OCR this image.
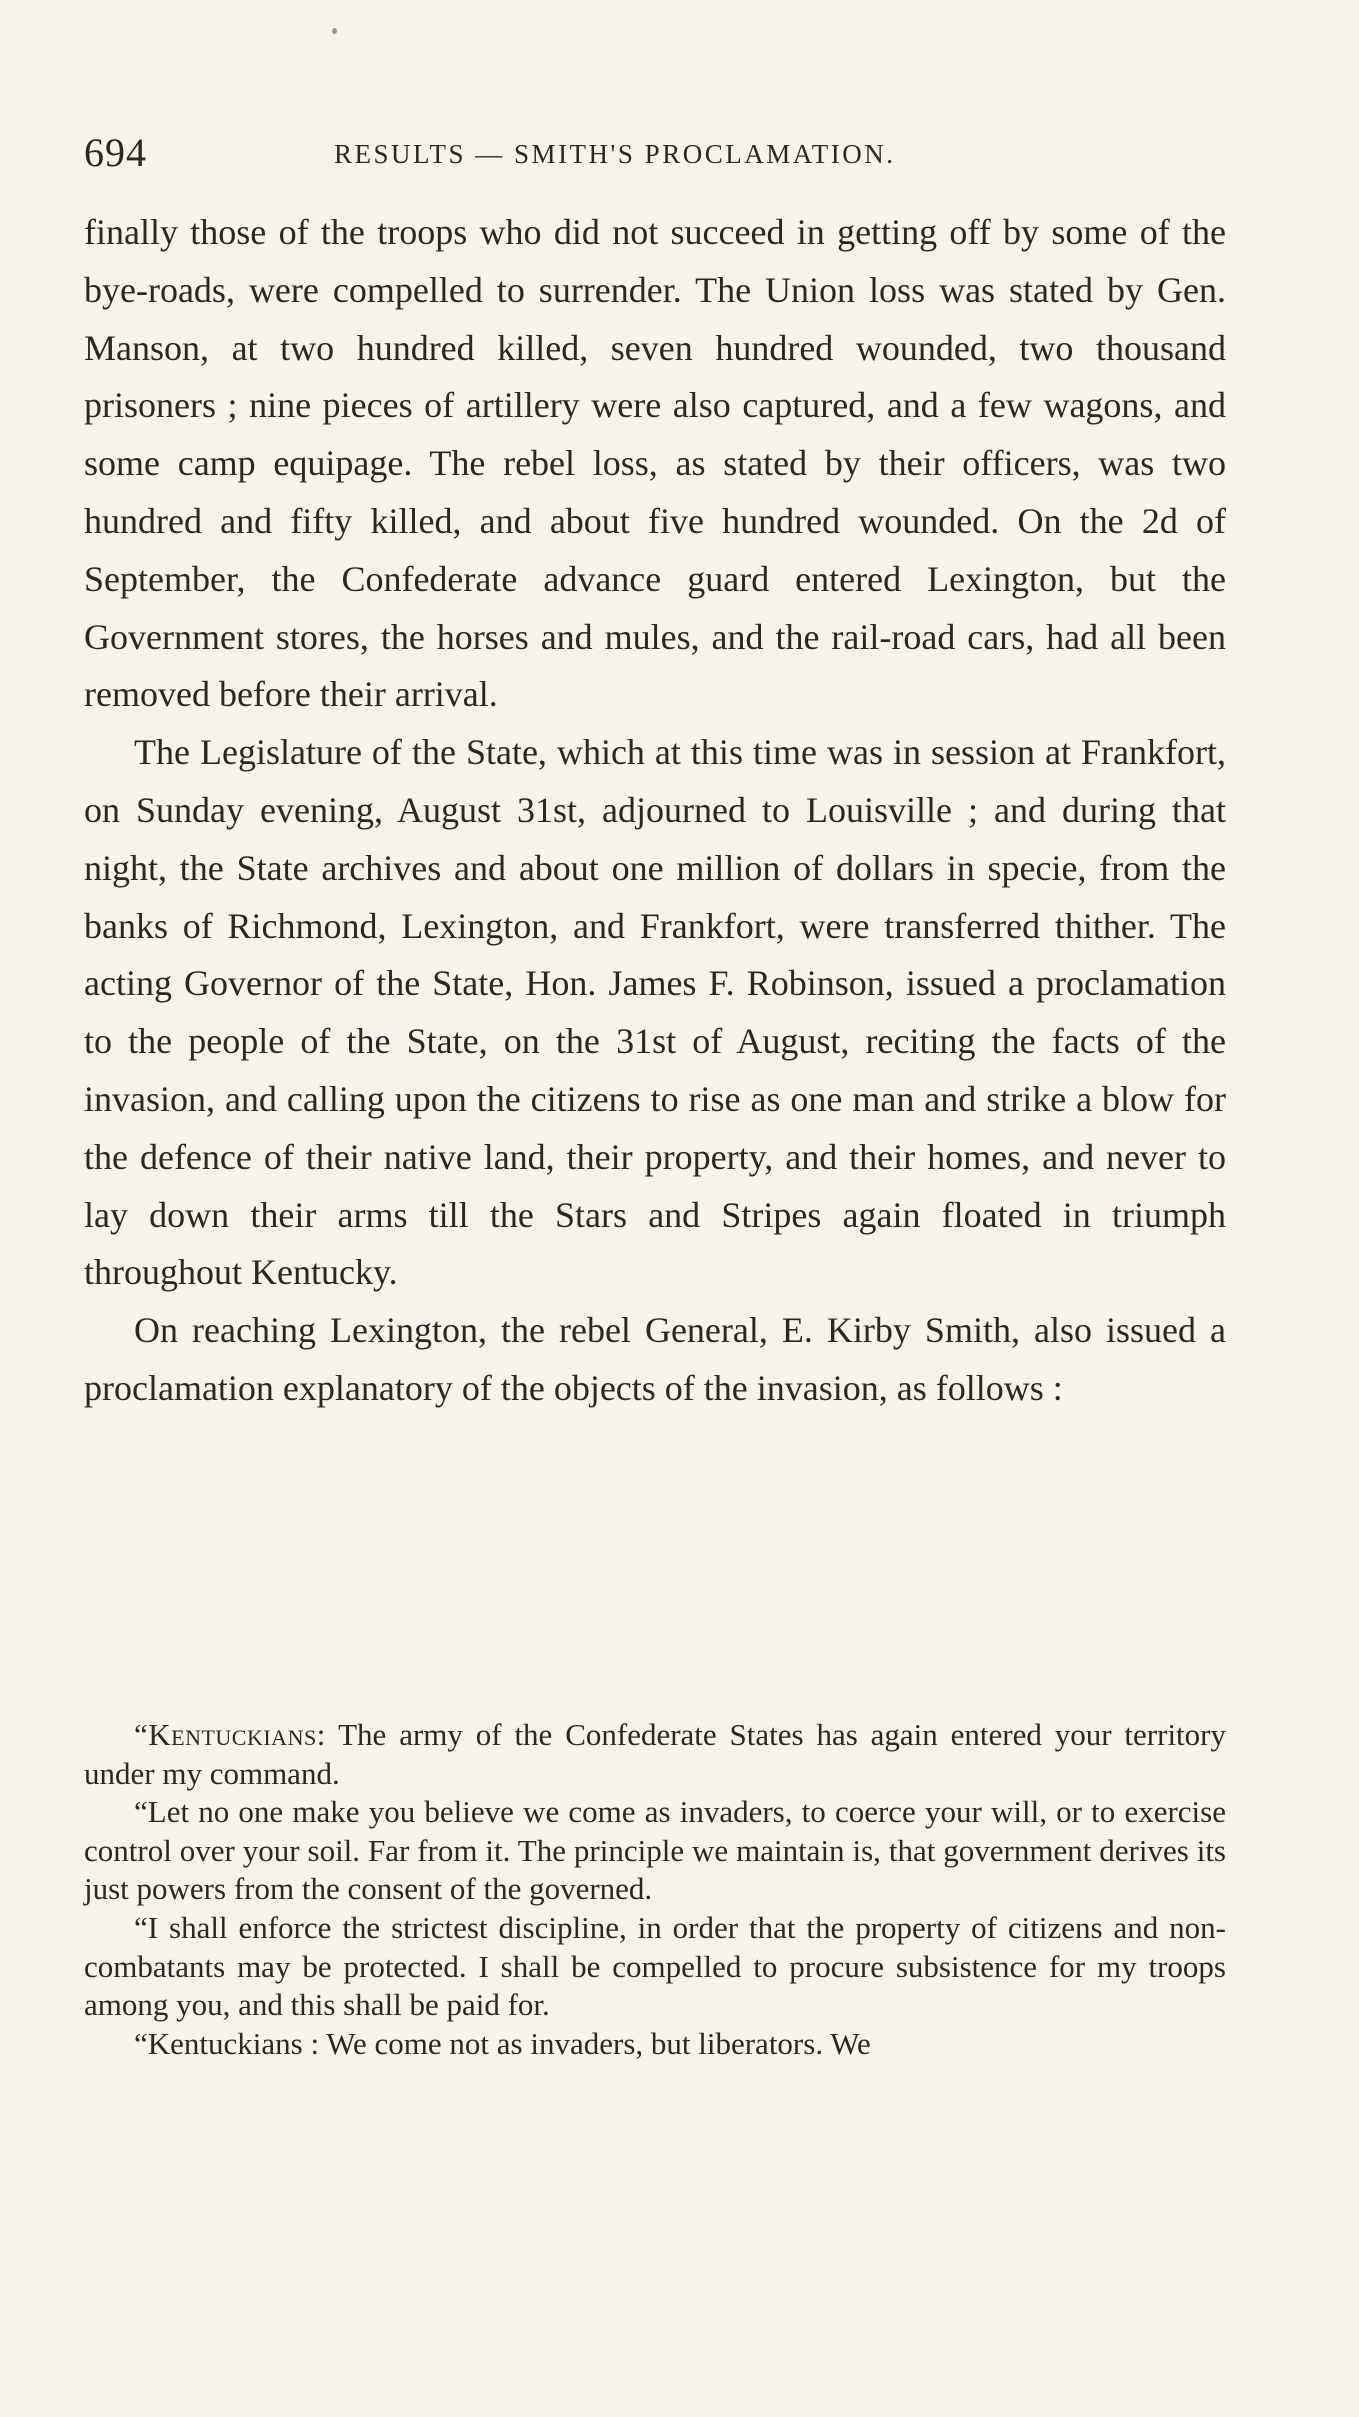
694	RESULTS — SMITH'S PROCLAMATION.

finally those of the troops who did not succeed in getting off by some of the bye-roads, were compelled to surrender. The Union loss was stated by Gen. Manson, at two hundred killed, seven hundred wounded, two thousand prisoners ; nine pieces of artillery were also captured, and a few wagons, and some camp equipage. The rebel loss, as stated by their officers, was two hundred and fifty killed, and about five hundred wounded. On the 2d of September, the Confederate advance guard entered Lexington, but the Government stores, the horses and mules, and the rail-road cars, had all been removed before their arrival.

The Legislature of the State, which at this time was in session at Frankfort, on Sunday evening, August 31st, adjourned to Louisville ; and during that night, the State archives and about one million of dollars in specie, from the banks of Richmond, Lexington, and Frankfort, were transferred thither. The acting Governor of the State, Hon. James F. Robinson, issued a proclamation to the people of the State, on the 31st of August, reciting the facts of the invasion, and calling upon the citizens to rise as one man and strike a blow for the defence of their native land, their property, and their homes, and never to lay down their arms till the Stars and Stripes again floated in triumph throughout Kentucky.

On reaching Lexington, the rebel General, E. Kirby Smith, also issued a proclamation explanatory of the objects of the invasion, as follows :

“Kentuckians: The army of the Confederate States has again entered your territory under my command.

“Let no one make you believe we come as invaders, to coerce your will, or to exercise control over your soil. Far from it. The principle we maintain is, that government derives its just powers from the consent of the governed.

“I shall enforce the strictest discipline, in order that the property of citizens and non-combatants may be protected. I shall be compelled to procure subsistence for my troops among you, and this shall be paid for.

“Kentuckians : We come not as invaders, but liberators. We
